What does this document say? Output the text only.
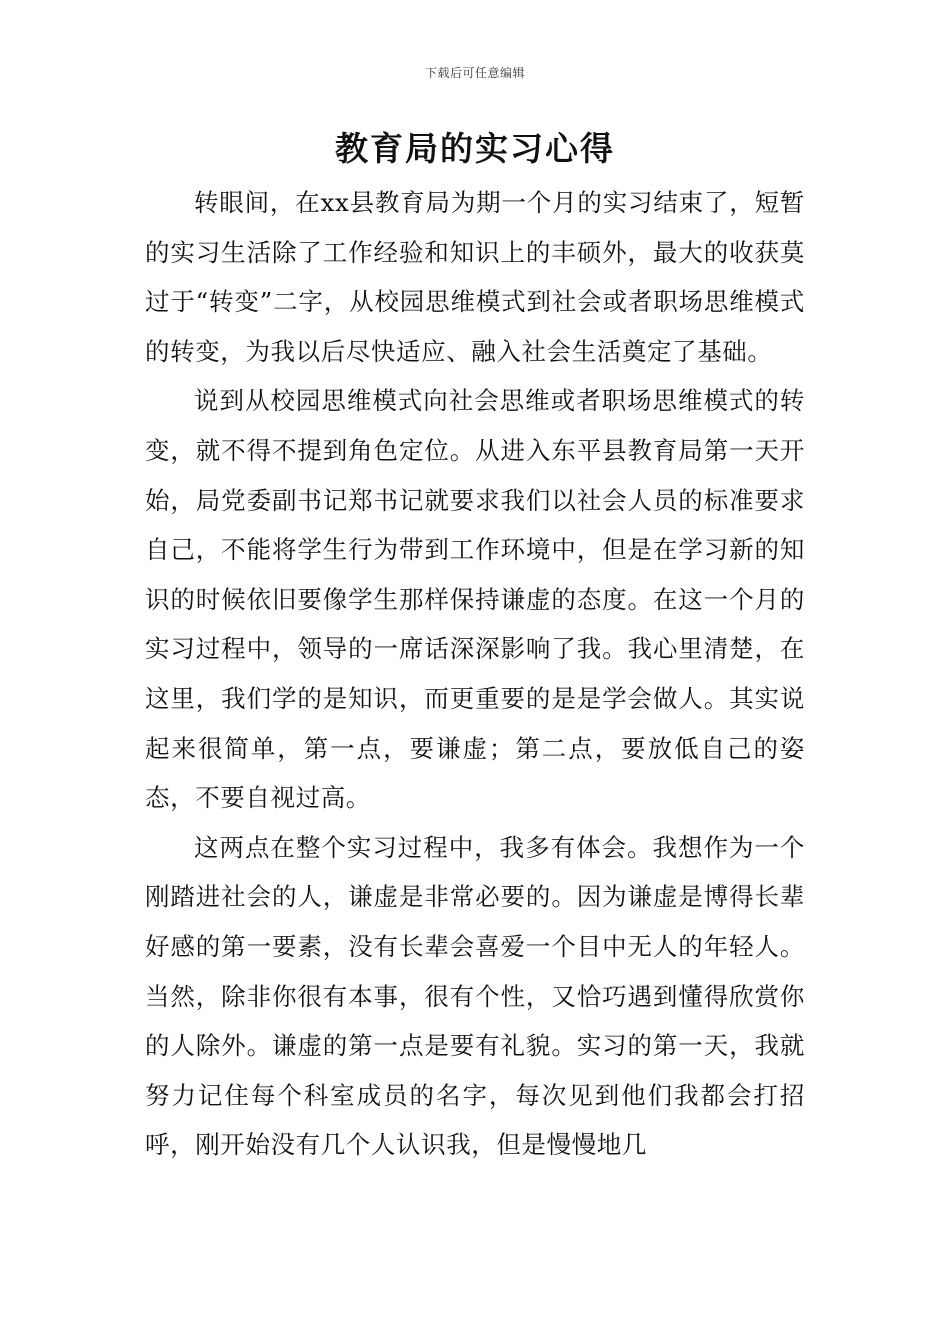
下载后可任意编辑
教育局的实习心得

转眼间，在xx县教育局为期一个月的实习结束了，短暂的实习生活除了工作经验和知识上的丰硕外，最大的收获莫过于“转变”二字，从校园思维模式到社会或者职场思维模式的转变，为我以后尽快适应、融入社会生活奠定了基础。

说到从校园思维模式向社会思维或者职场思维模式的转变，就不得不提到角色定位。从进入东平县教育局第一天开始，局党委副书记郑书记就要求我们以社会人员的标准要求自己，不能将学生行为带到工作环境中，但是在学习新的知识的时候依旧要像学生那样保持谦虚的态度。在这一个月的实习过程中，领导的一席话深深影响了我。我心里清楚，在这里，我们学的是知识，而更重要的是是学会做人。其实说起来很简单，第一点，要谦虚；第二点，要放低自己的姿态，不要自视过高。

这两点在整个实习过程中，我多有体会。我想作为一个刚踏进社会的人，谦虚是非常必要的。因为谦虚是博得长辈好感的第一要素，没有长辈会喜爱一个目中无人的年轻人。当然，除非你很有本事，很有个性，又恰巧遇到懂得欣赏你的人除外。谦虚的第一点是要有礼貌。实习的第一天，我就努力记住每个科室成员的名字，每次见到他们我都会打招呼，刚开始没有几个人认识我，但是慢慢地几
